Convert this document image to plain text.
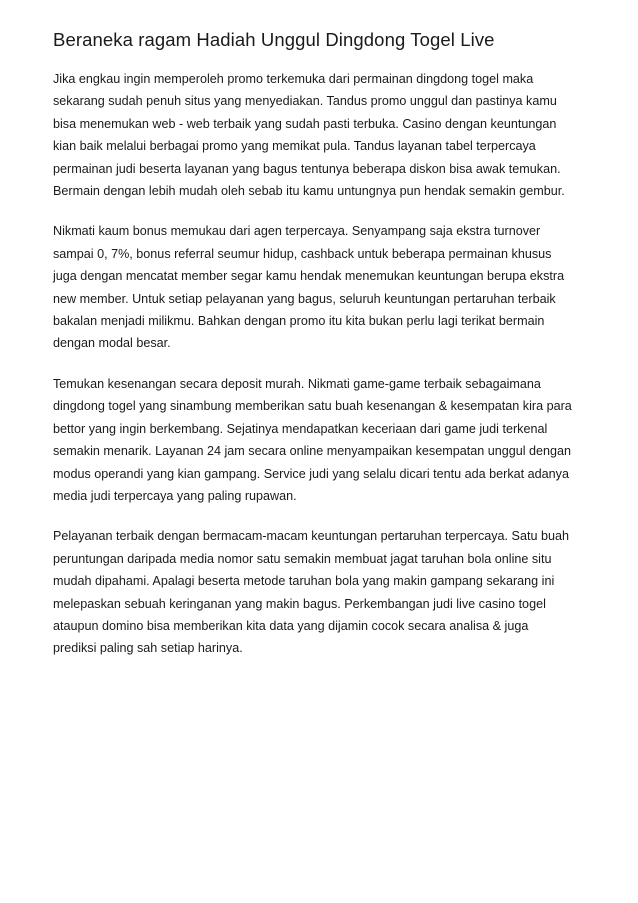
Beraneka ragam Hadiah Unggul Dingdong Togel Live

Jika engkau ingin memperoleh promo terkemuka dari permainan dingdong togel maka
sekarang sudah penuh situs yang menyediakan. Tandus promo unggul dan pastinya kamu
bisa menemukan web - web terbaik yang sudah pasti terbuka. Casino dengan keuntungan
kian baik melalui berbagai promo yang memikat pula. Tandus layanan tabel terpercaya
permainan judi beserta layanan yang bagus tentunya beberapa diskon bisa awak temukan.
Bermain dengan lebih mudah oleh sebab itu kamu untungnya pun hendak semakin gembur.

Nikmati kaum bonus memukau dari agen terpercaya. Senyampang saja ekstra turnover
sampai 0, 7%, bonus referral seumur hidup, cashback untuk beberapa permainan khusus
juga dengan mencatat member segar kamu hendak menemukan keuntungan berupa ekstra
new member. Untuk setiap pelayanan yang bagus, seluruh keuntungan pertaruhan terbaik
bakalan menjadi milikmu. Bahkan dengan promo itu kita bukan perlu lagi terikat bermain
dengan modal besar.

Temukan kesenangan secara deposit murah. Nikmati game-game terbaik sebagaimana
dingdong togel yang sinambung memberikan satu buah kesenangan & kesempatan kira para
bettor yang ingin berkembang. Sejatinya mendapatkan keceriaan dari game judi terkenal
semakin menarik. Layanan 24 jam secara online menyampaikan kesempatan unggul dengan
modus operandi yang kian gampang. Service judi yang selalu dicari tentu ada berkat adanya
media judi terpercaya yang paling rupawan.

Pelayanan terbaik dengan bermacam-macam keuntungan pertaruhan terpercaya. Satu buah
peruntungan daripada media nomor satu semakin membuat jagat taruhan bola online situ
mudah dipahami. Apalagi beserta metode taruhan bola yang makin gampang sekarang ini
melepaskan sebuah keringanan yang makin bagus. Perkembangan judi live casino togel
ataupun domino bisa memberikan kita data yang dijamin cocok secara analisa & juga
prediksi paling sah setiap harinya.
